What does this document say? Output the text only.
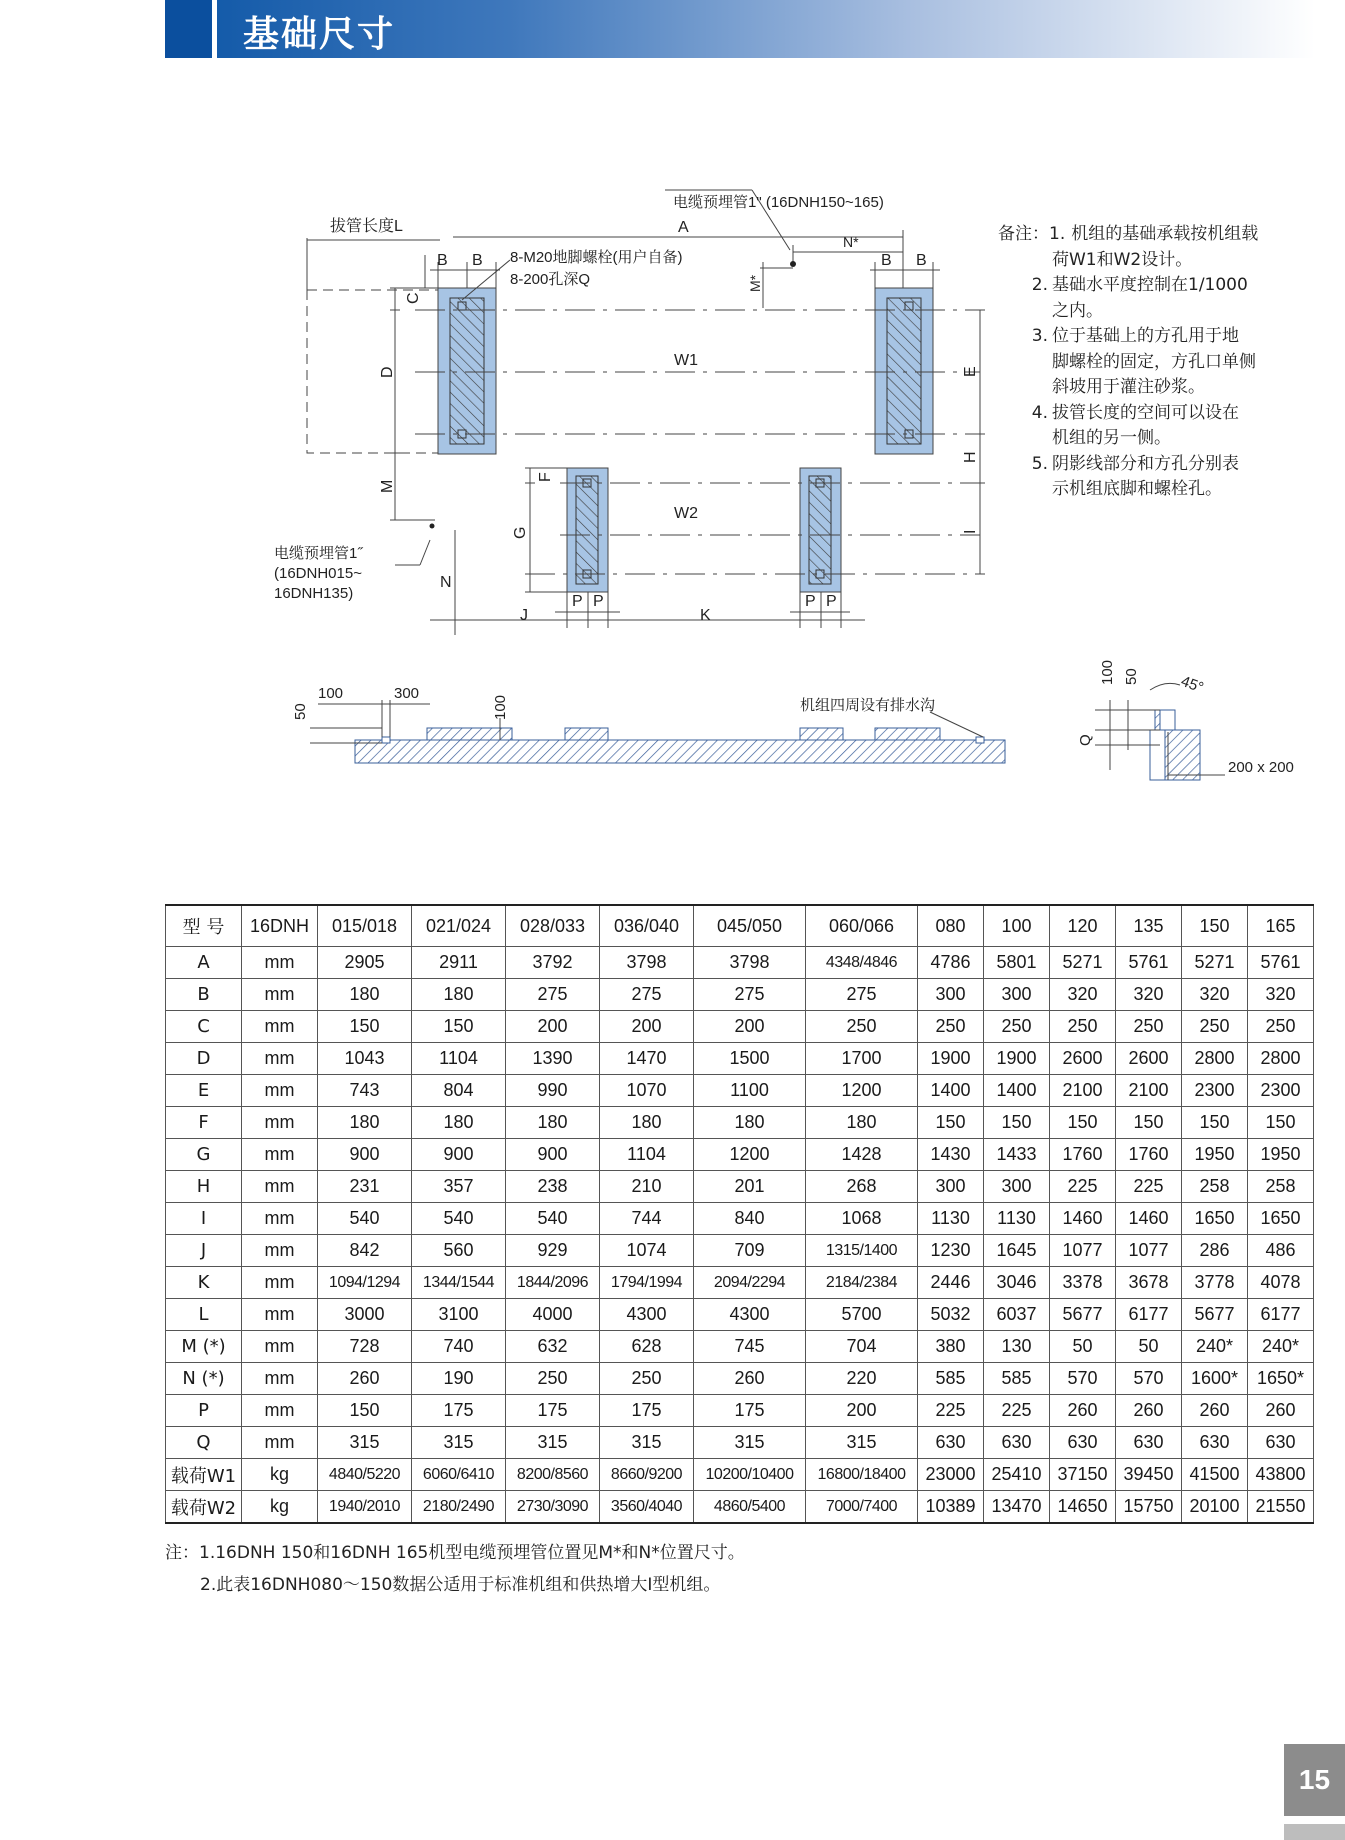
基础尺寸
拔管长度L
W1
W2
E
H
I
C
D
M
F
G
电缆预埋管1" (16DNH150~165)
A
B B	B B
N*
M*
8-M20地脚螺栓(用户自备)
8-200孔深Q
J	K
N
P P	P P
电缆预埋管1˝
(16DNH015~
16DNH135)
100	300
50	100	机组四周设有排水沟
100 50	45°
Q
200 x 200
备注：1. 机组的基础承载按机组载
荷W1和W2设计。
2. 基础水平度控制在1/1000
之内。
3. 位于基础上的方孔用于地
脚螺栓的固定，方孔口单侧
斜坡用于灌注砂浆。
4. 拔管长度的空间可以设在
机组的另一侧。
5. 阴影线部分和方孔分别表
示机组底脚和螺栓孔。
型 号	16DNH	015/018	021/024	028/033	036/040	045/050	060/066	080	100	120	135	150	165
A	mm	2905	2911	3792	3798	3798	4348/4846	4786	5801	5271	5761	5271	5761
B	mm	180	180	275	275	275	275	300	300	320	320	320	320
C	mm	150	150	200	200	200	250	250	250	250	250	250	250
D	mm	1043	1104	1390	1470	1500	1700	1900	1900	2600	2600	2800	2800
E	mm	743	804	990	1070	1100	1200	1400	1400	2100	2100	2300	2300
F	mm	180	180	180	180	180	180	150	150	150	150	150	150
G	mm	900	900	900	1104	1200	1428	1430	1433	1760	1760	1950	1950
H	mm	231	357	238	210	201	268	300	300	225	225	258	258
I	mm	540	540	540	744	840	1068	1130	1130	1460	1460	1650	1650
J	mm	842	560	929	1074	709	1315/1400	1230	1645	1077	1077	286	486
K	mm	1094/1294	1344/1544	1844/2096	1794/1994	2094/2294	2184/2384	2446	3046	3378	3678	3778	4078
L	mm	3000	3100	4000	4300	4300	5700	5032	6037	5677	6177	5677	6177
M (*)	mm	728	740	632	628	745	704	380	130	50	50	240*	240*
N (*)	mm	260	190	250	250	260	220	585	585	570	570	1600*	1650*
P	mm	150	175	175	175	175	200	225	225	260	260	260	260
Q	mm	315	315	315	315	315	315	630	630	630	630	630	630
载荷W1	kg	4840/5220	6060/6410	8200/8560	8660/9200	10200/10400	16800/18400	23000	25410	37150	39450	41500	43800
载荷W2	kg	1940/2010	2180/2490	2730/3090	3560/4040	4860/5400	7000/7400	10389	13470	14650	15750	20100	21550
注：1.16DNH 150和16DNH 165机型电缆预埋管位置见M*和N*位置尺寸。
2.此表16DNH080～150数据公适用于标准机组和供热增大Ⅰ型机组。
15
